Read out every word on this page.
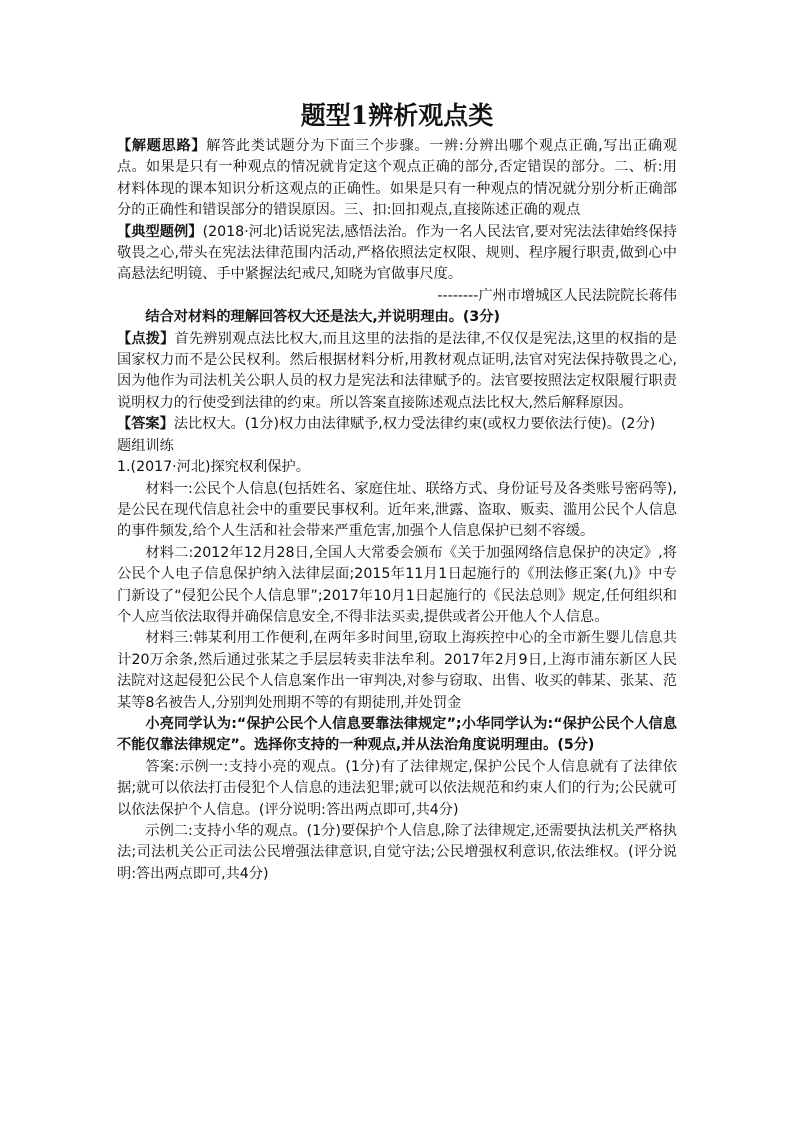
题型1辨析观点类

【解题思路】解答此类试题分为下面三个步骤。一辨:分辨出哪个观点正确,写出正确观点。如果是只有一种观点的情况就肯定这个观点正确的部分,否定错误的部分。二、析:用材料体现的课本知识分析这观点的正确性。如果是只有一种观点的情况就分别分析正确部分的正确性和错误部分的错误原因。三、扣:回扣观点,直接陈述正确的观点

【典型题例】(2018·河北)话说宪法,感悟法治。作为一名人民法官,要对宪法法律始终保持敬畏之心,带头在宪法法律范围内活动,严格依照法定权限、规则、程序履行职责,做到心中高悬法纪明镜、手中紧握法纪戒尺,知晓为官做事尺度。

--------广州市增城区人民法院院长蒋伟

结合对材料的理解回答权大还是法大,并说明理由。(3分)

【点拨】首先辨别观点法比权大,而且这里的法指的是法律,不仅仅是宪法,这里的权指的是国家权力而不是公民权利。然后根据材料分析,用教材观点证明,法官对宪法保持敬畏之心,因为他作为司法机关公职人员的权力是宪法和法律赋予的。法官要按照法定权限履行职责说明权力的行使受到法律的约束。所以答案直接陈述观点法比权大,然后解释原因。

【答案】法比权大。(1分)权力由法律赋予,权力受法律约束(或权力要依法行使)。(2分)

题组训练

1.(2017·河北)探究权利保护。

材料一:公民个人信息(包括姓名、家庭住址、联络方式、身份证号及各类账号密码等),是公民在现代信息社会中的重要民事权利。近年来,泄露、盗取、贩卖、滥用公民个人信息的事件频发,给个人生活和社会带来严重危害,加强个人信息保护已刻不容缓。

材料二:2012年12月28日,全国人大常委会颁布《关于加强网络信息保护的决定》,将公民个人电子信息保护纳入法律层面;2015年11月1日起施行的《刑法修正案(九)》中专门新设了“侵犯公民个人信息罪”;2017年10月1日起施行的《民法总则》规定,任何组织和个人应当依法取得并确保信息安全,不得非法买卖,提供或者公开他人个人信息。

材料三:韩某利用工作便利,在两年多时间里,窃取上海疾控中心的全市新生婴儿信息共计20万余条,然后通过张某之手层层转卖非法牟利。2017年2月9日,上海市浦东新区人民法院对这起侵犯公民个人信息案作出一审判决,对参与窃取、出售、收买的韩某、张某、范某等8名被告人,分别判处刑期不等的有期徒刑,并处罚金

小亮同学认为:“保护公民个人信息要靠法律规定”;小华同学认为:“保护公民个人信息不能仅靠法律规定”。选择你支持的一种观点,并从法治角度说明理由。(5分)

答案:示例一:支持小亮的观点。(1分)有了法律规定,保护公民个人信息就有了法律依据;就可以依法打击侵犯个人信息的违法犯罪;就可以依法规范和约束人们的行为;公民就可以依法保护个人信息。(评分说明:答出两点即可,共4分)

示例二:支持小华的观点。(1分)要保护个人信息,除了法律规定,还需要执法机关严格执法;司法机关公正司法公民增强法律意识,自觉守法;公民增强权利意识,依法维权。(评分说明:答出两点即可,共4分)
